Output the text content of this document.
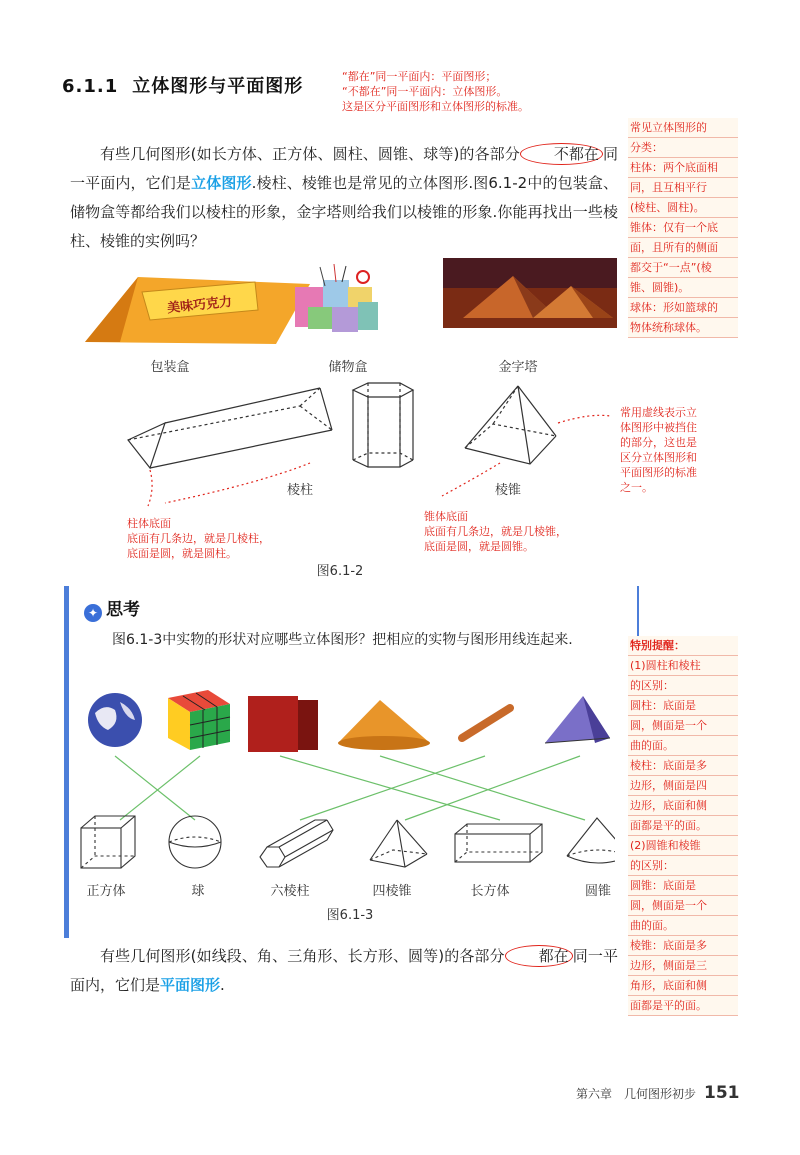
6.1.1 立体图形与平面图形	“都在”同一平面内：平面图形；
“不都在”同一平面内：立体图形。
这是区分平面图形和立体图形的标准。
有些几何图形(如长方体、正方体、圆柱、圆锥、球等)的各部分 不都在 同一平面内，它们是立体图形.棱柱、棱锥也是常见的立体图形.图6.1-2中的包装盒、储物盒等都给我们以棱柱的形象，金字塔则给我们以棱锥的形象.你能再找出一些棱柱、棱锥的实例吗？
常见立体图形的
分类：
柱体：两个底面相
同，且互相平行
(棱柱、圆柱)。
锥体：仅有一个底
面，且所有的侧面
都交于“一点”(棱
锥、圆锥)。
球体：形如篮球的
物体统称球体。
美味巧克力
包装盒	储物盒	金字塔
棱柱	棱锥
柱体底面
底面有几条边，就是几棱柱，
底面是圆，就是圆柱。
锥体底面
底面有几条边，就是几棱锥，
底面是圆，就是圆锥。
常用虚线表示立
体图形中被挡住
的部分，这也是
区分立体图形和
平面图形的标准
之一。
图6.1-2
✦ 思考
图6.1-3中实物的形状对应哪些立体图形？把相应的实物与图形用线连起来.
正方体	球	六棱柱	四棱锥	长方体	圆锥
图6.1-3
特别提醒：
(1)圆柱和棱柱
的区别：
圆柱：底面是
圆，侧面是一个
曲的面。
棱柱：底面是多
边形，侧面是四
边形，底面和侧
面都是平的面。
(2)圆锥和棱锥
的区别：
圆锥：底面是
圆，侧面是一个
曲的面。
棱锥：底面是多
边形，侧面是三
角形，底面和侧
面都是平的面。
有些几何图形(如线段、角、三角形、长方形、圆等)的各部分 都在 同一平面内，它们是平面图形.
第六章　几何图形初步 151
